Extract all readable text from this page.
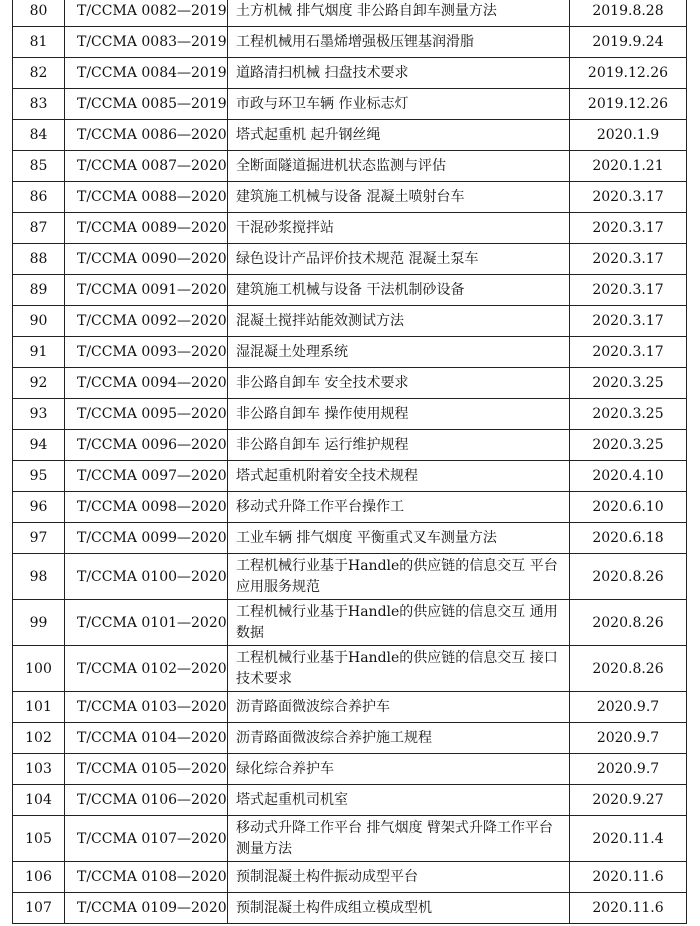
80	T/CCMA 0082—2019	土方机械 排气烟度 非公路自卸车测量方法	2019.8.28
81	T/CCMA 0083—2019	工程机械用石墨烯增强极压锂基润滑脂	2019.9.24
82	T/CCMA 0084—2019	道路清扫机械 扫盘技术要求	2019.12.26
83	T/CCMA 0085—2019	市政与环卫车辆 作业标志灯	2019.12.26
84	T/CCMA 0086—2020	塔式起重机 起升钢丝绳	2020.1.9
85	T/CCMA 0087—2020	全断面隧道掘进机状态监测与评估	2020.1.21
86	T/CCMA 0088—2020	建筑施工机械与设备 混凝土喷射台车	2020.3.17
87	T/CCMA 0089—2020	干混砂浆搅拌站	2020.3.17
88	T/CCMA 0090—2020	绿色设计产品评价技术规范 混凝土泵车	2020.3.17
89	T/CCMA 0091—2020	建筑施工机械与设备 干法机制砂设备	2020.3.17
90	T/CCMA 0092—2020	混凝土搅拌站能效测试方法	2020.3.17
91	T/CCMA 0093—2020	湿混凝土处理系统	2020.3.17
92	T/CCMA 0094—2020	非公路自卸车 安全技术要求	2020.3.25
93	T/CCMA 0095—2020	非公路自卸车 操作使用规程	2020.3.25
94	T/CCMA 0096—2020	非公路自卸车 运行维护规程	2020.3.25
95	T/CCMA 0097—2020	塔式起重机附着安全技术规程	2020.4.10
96	T/CCMA 0098—2020	移动式升降工作平台操作工	2020.6.10
97	T/CCMA 0099—2020	工业车辆 排气烟度 平衡重式叉车测量方法	2020.6.18
98	T/CCMA 0100—2020	工程机械行业基于Handle的供应链的信息交互 平台应用服务规范	2020.8.26
99	T/CCMA 0101—2020	工程机械行业基于Handle的供应链的信息交互 通用数据	2020.8.26
100	T/CCMA 0102—2020	工程机械行业基于Handle的供应链的信息交互 接口技术要求	2020.8.26
101	T/CCMA 0103—2020	沥青路面微波综合养护车	2020.9.7
102	T/CCMA 0104—2020	沥青路面微波综合养护施工规程	2020.9.7
103	T/CCMA 0105—2020	绿化综合养护车	2020.9.7
104	T/CCMA 0106—2020	塔式起重机司机室	2020.9.27
105	T/CCMA 0107—2020	移动式升降工作平台 排气烟度 臂架式升降工作平台测量方法	2020.11.4
106	T/CCMA 0108—2020	预制混凝土构件振动成型平台	2020.11.6
107	T/CCMA 0109—2020	预制混凝土构件成组立模成型机	2020.11.6
